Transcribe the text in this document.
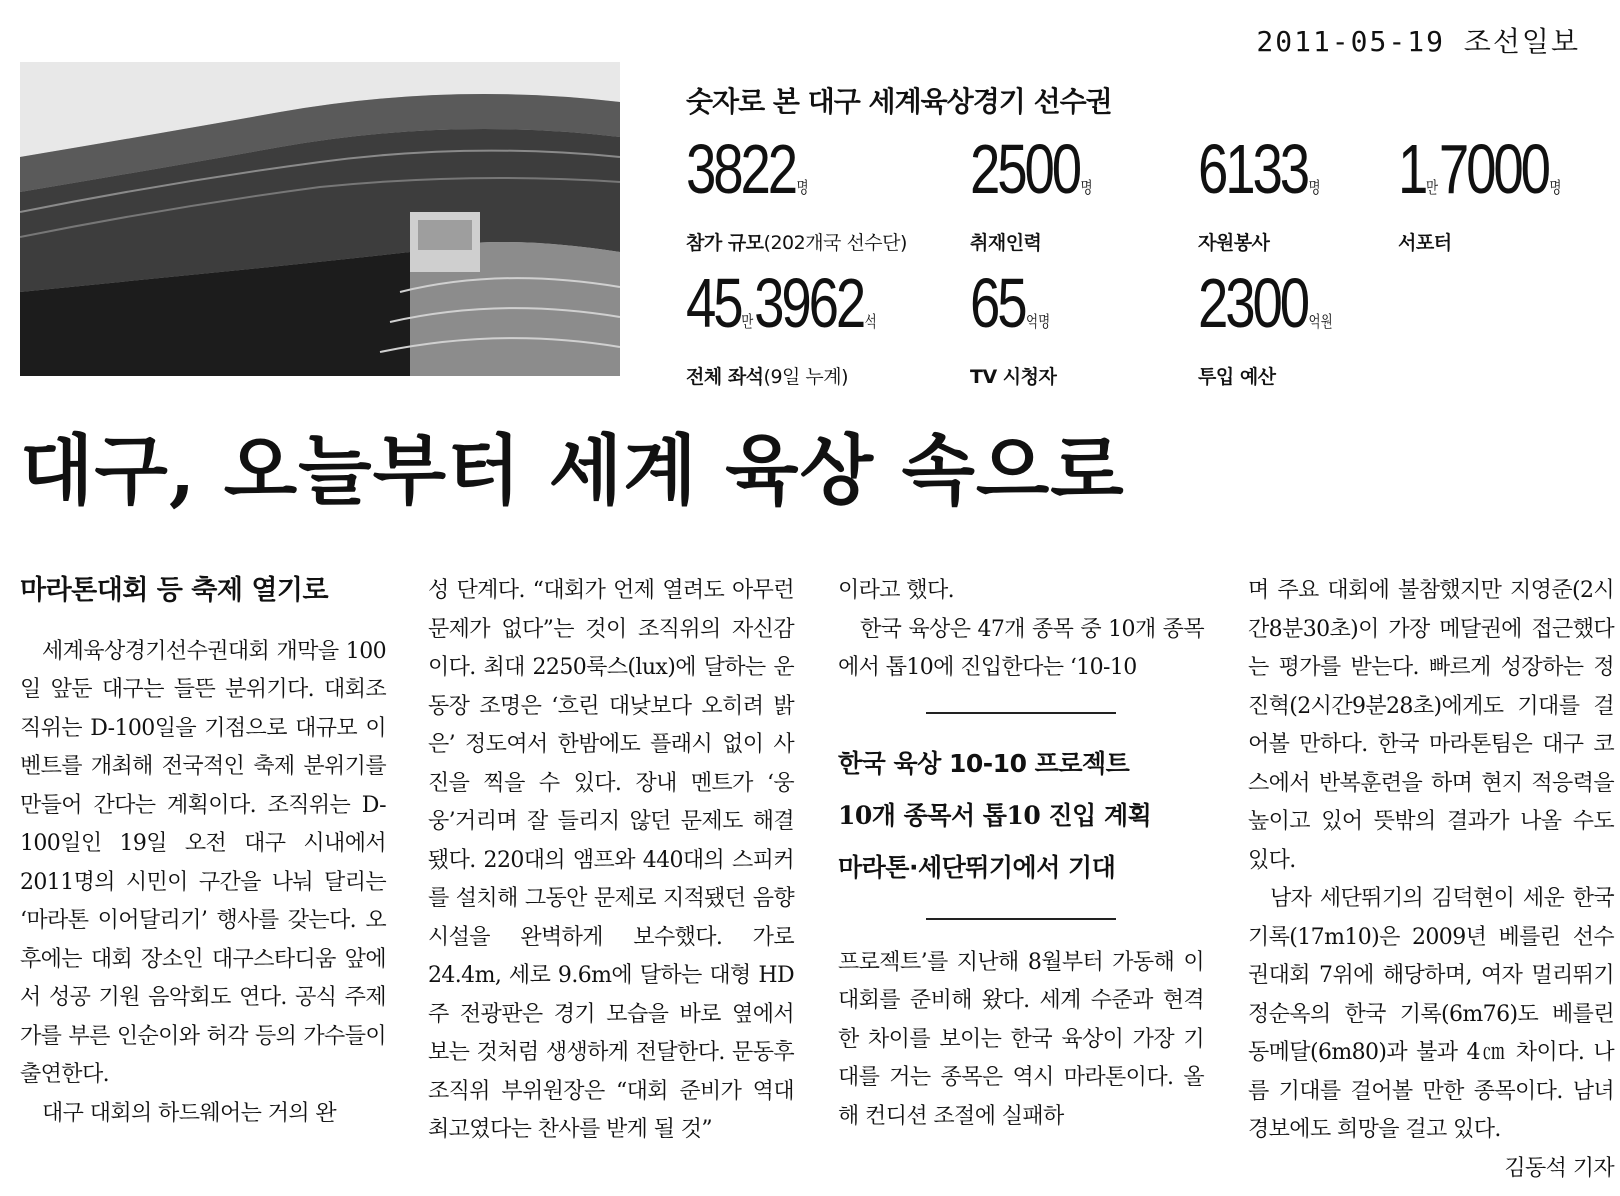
2011-05-19 조선일보
숫자로 본 대구 세계육상경기 선수권
3822명
참가 규모(202개국 선수단)
2500명
취재인력
6133명
자원봉사
1만7000명
서포터
45만3962석
전체 좌석(9일 누계)
65억명
TV 시청자
2300억원
투입 예산
대구, 오늘부터 세계 육상 속으로
마라톤대회 등 축제 열기로

세계육상경기선수권대회 개막을 100일 앞둔 대구는 들뜬 분위기다. 대회조직위는 D-100일을 기점으로 대규모 이벤트를 개최해 전국적인 축제 분위기를 만들어 간다는 계획이다. 조직위는 D-100일인 19일 오전 대구 시내에서 2011명의 시민이 구간을 나눠 달리는 ‘마라톤 이어달리기’ 행사를 갖는다. 오후에는 대회 장소인 대구스타디움 앞에서 성공 기원 음악회도 연다. 공식 주제가를 부른 인순이와 허각 등의 가수들이 출연한다.

대구 대회의 하드웨어는 거의 완

성 단계다. “대회가 언제 열려도 아무런 문제가 없다”는 것이 조직위의 자신감이다. 최대 2250룩스(lux)에 달하는 운동장 조명은 ‘흐린 대낮보다 오히려 밝은’ 정도여서 한밤에도 플래시 없이 사진을 찍을 수 있다. 장내 멘트가 ‘웅웅’거리며 잘 들리지 않던 문제도 해결됐다. 220대의 앰프와 440대의 스피커를 설치해 그동안 문제로 지적됐던 음향시설을 완벽하게 보수했다. 가로 24.4m, 세로 9.6m에 달하는 대형 HD 주 전광판은 경기 모습을 바로 옆에서 보는 것처럼 생생하게 전달한다. 문동후 조직위 부위원장은 “대회 준비가 역대 최고였다는 찬사를 받게 될 것”

이라고 했다.

한국 육상은 47개 종목 중 10개 종목에서 톱10에 진입한다는 ‘10-10

한국 육상 10-10 프로젝트
10개 종목서 톱10 진입 계획
마라톤·세단뛰기에서 기대

프로젝트’를 지난해 8월부터 가동해 이 대회를 준비해 왔다. 세계 수준과 현격한 차이를 보이는 한국 육상이 가장 기대를 거는 종목은 역시 마라톤이다. 올해 컨디션 조절에 실패하

며 주요 대회에 불참했지만 지영준(2시간8분30초)이 가장 메달권에 접근했다는 평가를 받는다. 빠르게 성장하는 정진혁(2시간9분28초)에게도 기대를 걸어볼 만하다. 한국 마라톤팀은 대구 코스에서 반복훈련을 하며 현지 적응력을 높이고 있어 뜻밖의 결과가 나올 수도 있다.

남자 세단뛰기의 김덕현이 세운 한국 기록(17m10)은 2009년 베를린 선수권대회 7위에 해당하며, 여자 멀리뛰기 정순옥의 한국 기록(6m76)도 베를린 동메달(6m80)과 불과 4㎝ 차이다. 나름 기대를 걸어볼 만한 종목이다. 남녀 경보에도 희망을 걸고 있다.

김동석 기자
